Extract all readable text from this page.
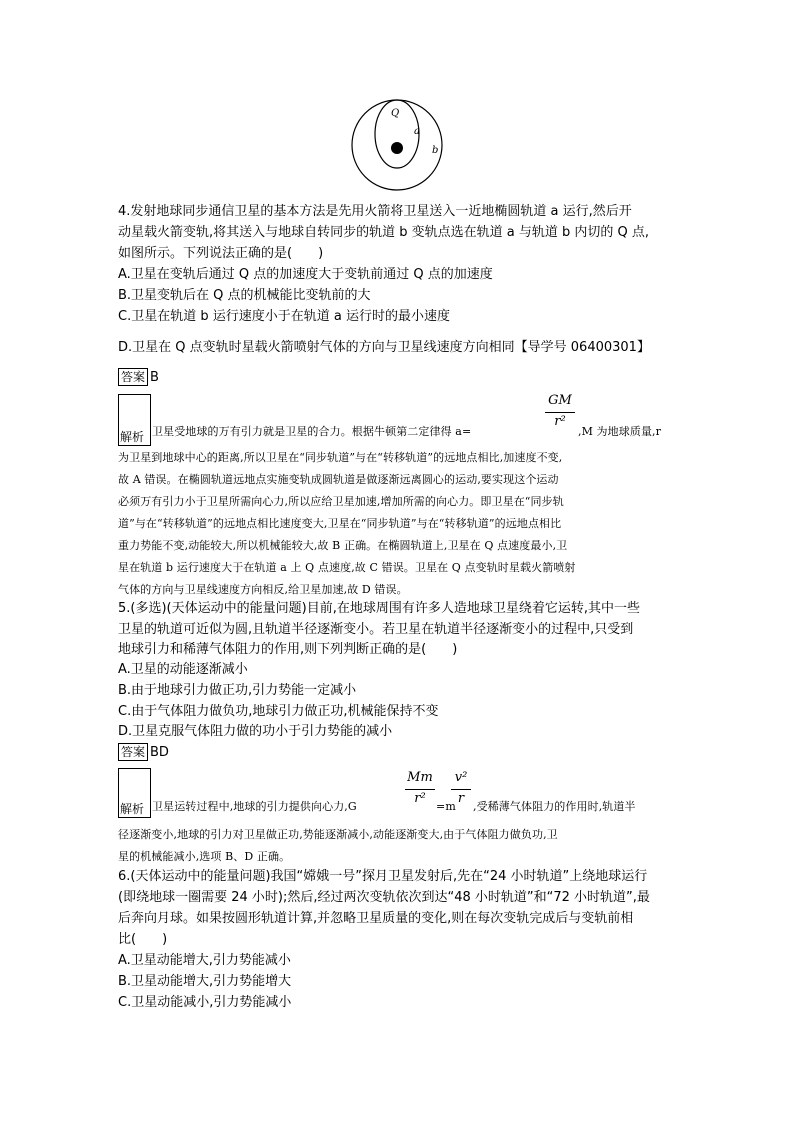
Q
a
b
4.发射地球同步通信卫星的基本方法是先用火箭将卫星送入一近地椭圆轨道 a 运行,然后开
动星载火箭变轨,将其送入与地球自转同步的轨道 b 变轨点选在轨道 a 与轨道 b 内切的 Q 点,
如图所示。下列说法正确的是(　　)
A.卫星在变轨后通过 Q 点的加速度大于变轨前通过 Q 点的加速度
B.卫星变轨后在 Q 点的机械能比变轨前的大
C.卫星在轨道 b 运行速度小于在轨道 a 运行时的最小速度
D.卫星在 Q 点变轨时星载火箭喷射气体的方向与卫星线速度方向相同【导学号 06400301】
答案 B
解析
GM
r²
卫星受地球的万有引力就是卫星的合力。根据牛顿第二定律得 a=	,M 为地球质量,r
为卫星到地球中心的距离,所以卫星在“同步轨道”与在“转移轨道”的远地点相比,加速度不变,
故 A 错误。在椭圆轨道远地点实施变轨成圆轨道是做逐渐远离圆心的运动,要实现这个运动
必须万有引力小于卫星所需向心力,所以应给卫星加速,增加所需的向心力。即卫星在“同步轨
道”与在“转移轨道”的远地点相比速度变大,卫星在“同步轨道”与在“转移轨道”的远地点相比
重力势能不变,动能较大,所以机械能较大,故 B 正确。在椭圆轨道上,卫星在 Q 点速度最小,卫
星在轨道 b 运行速度大于在轨道 a 上 Q 点速度,故 C 错误。卫星在 Q 点变轨时星载火箭喷射
气体的方向与卫星线速度方向相反,给卫星加速,故 D 错误。
5.(多选)(天体运动中的能量问题)目前,在地球周围有许多人造地球卫星绕着它运转,其中一些
卫星的轨道可近似为圆,且轨道半径逐渐变小。若卫星在轨道半径逐渐变小的过程中,只受到
地球引力和稀薄气体阻力的作用,则下列判断正确的是(　　)
A.卫星的动能逐渐减小
B.由于地球引力做正功,引力势能一定减小
C.由于气体阻力做负功,地球引力做正功,机械能保持不变
D.卫星克服气体阻力做的功小于引力势能的减小
答案 BD
解析
Mm
r²
v²
r
卫星运转过程中,地球的引力提供向心力,G	=m ,受稀薄气体阻力的作用时,轨道半
径逐渐变小,地球的引力对卫星做正功,势能逐渐减小,动能逐渐变大,由于气体阻力做负功,卫
星的机械能减小,选项 B、D 正确。
6.(天体运动中的能量问题)我国“嫦娥一号”探月卫星发射后,先在“24 小时轨道”上绕地球运行
(即绕地球一圈需要 24 小时);然后,经过两次变轨依次到达“48 小时轨道”和“72 小时轨道”,最
后奔向月球。如果按圆形轨道计算,并忽略卫星质量的变化,则在每次变轨完成后与变轨前相
比(　　)
A.卫星动能增大,引力势能减小
B.卫星动能增大,引力势能增大
C.卫星动能减小,引力势能减小
